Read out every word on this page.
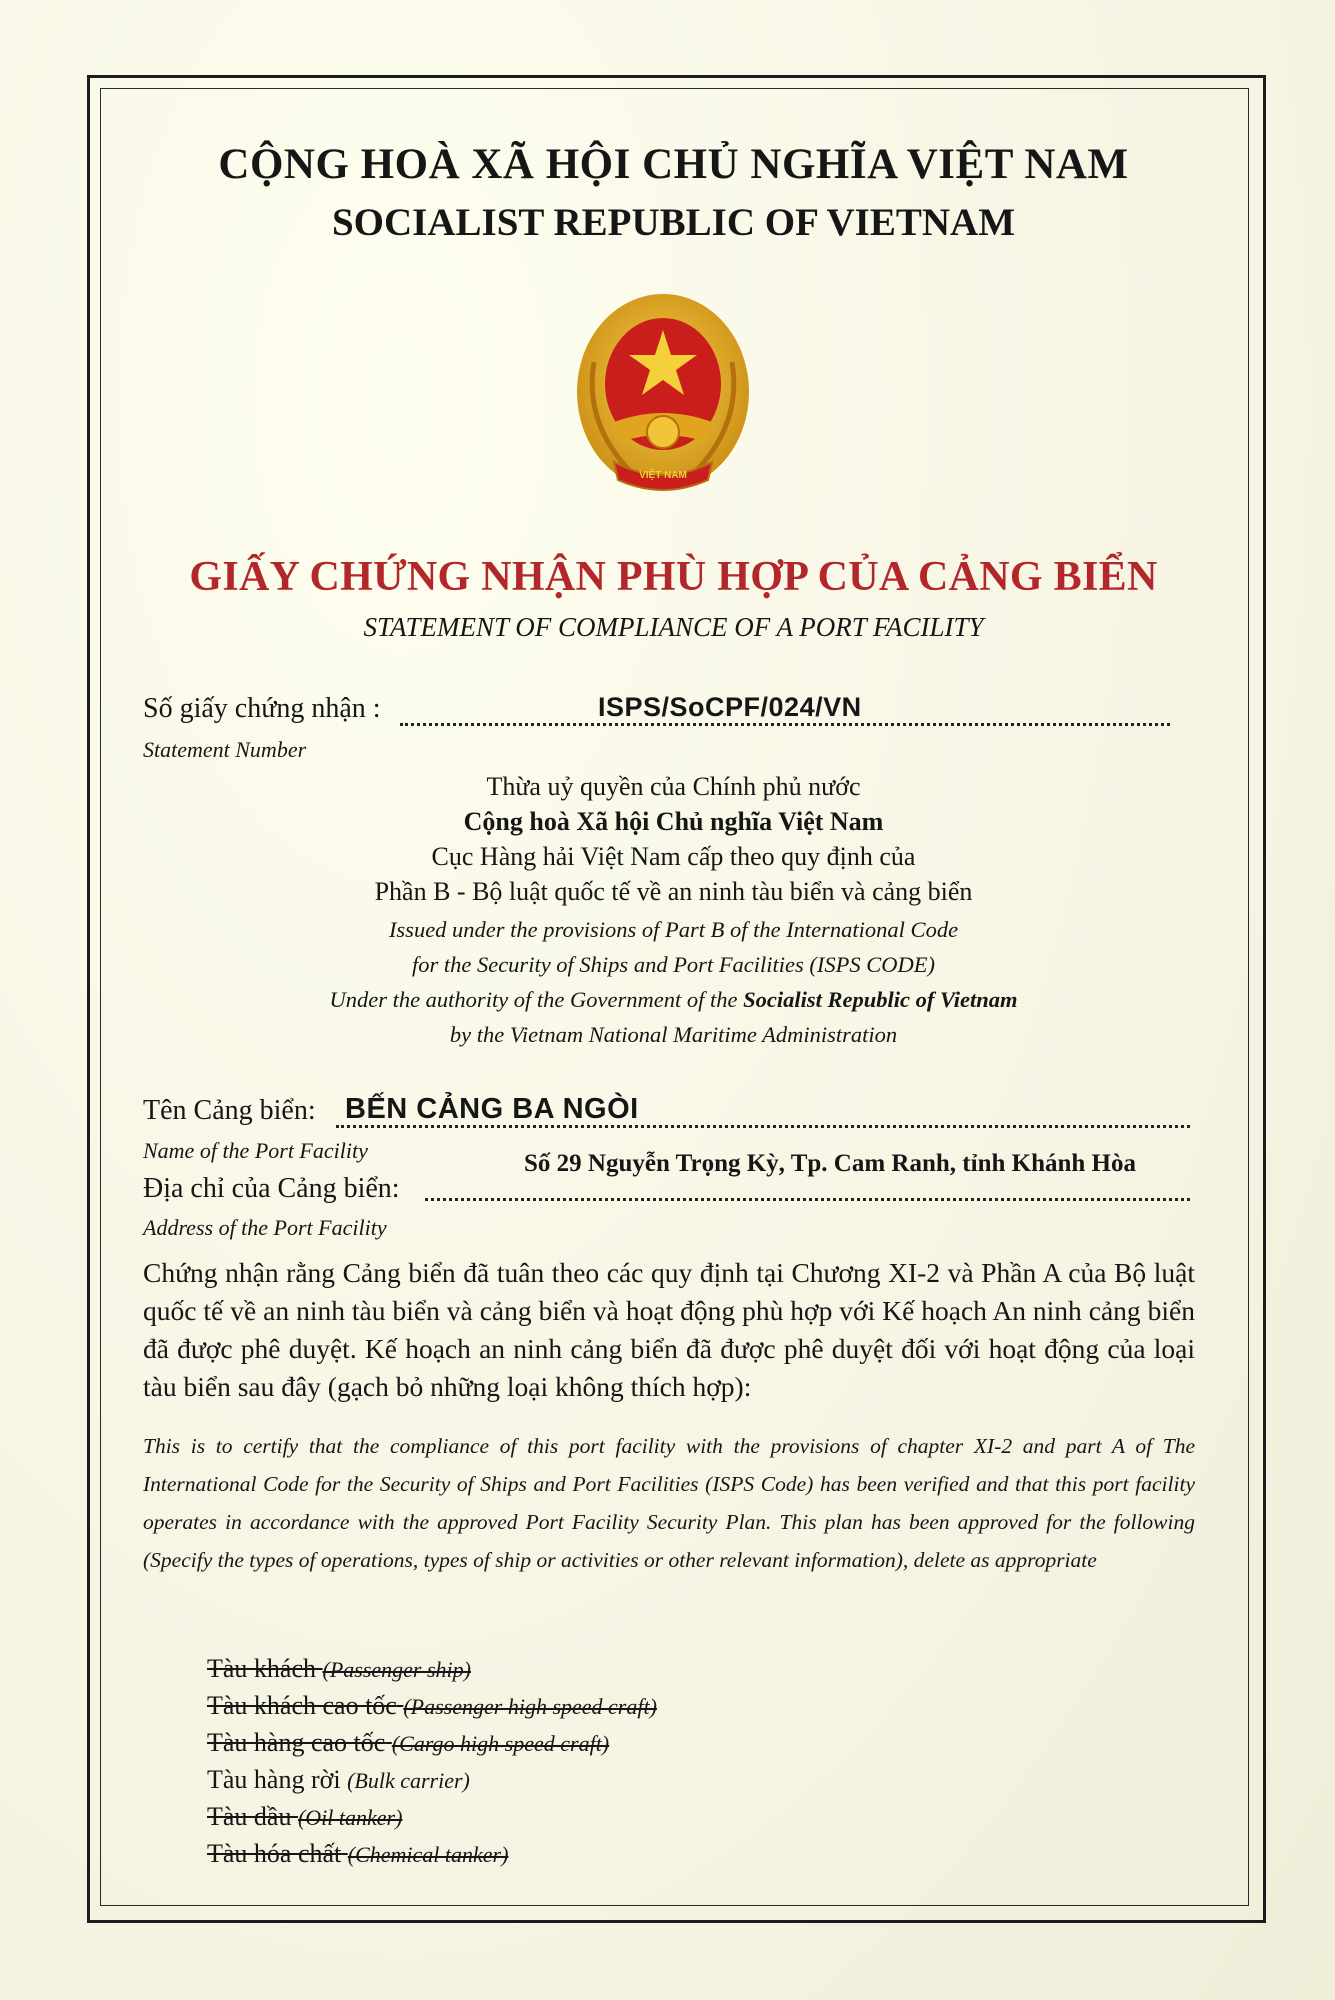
CỘNG HOÀ XÃ HỘI CHỦ NGHĨA VIỆT NAM
SOCIALIST REPUBLIC OF VIETNAM
VIỆT NAM
GIẤY CHỨNG NHẬN PHÙ HỢP CỦA CẢNG BIỂN
STATEMENT OF COMPLIANCE OF A PORT FACILITY
Số giấy chứng nhận :	ISPS/SoCPF/024/VN
Statement Number
Thừa uỷ quyền của Chính phủ nước
Cộng hoà Xã hội Chủ nghĩa Việt Nam
Cục Hàng hải Việt Nam cấp theo quy định của
Phần B - Bộ luật quốc tế về an ninh tàu biển và cảng biển
Issued under the provisions of Part B of the International Code
for the Security of Ships and Port Facilities (ISPS CODE)
Under the authority of the Government of the Socialist Republic of Vietnam
by the Vietnam National Maritime Administration
Tên Cảng biển: BẾN CẢNG BA NGÒI
Name of the Port Facility
Địa chỉ của Cảng biển:
Số 29 Nguyễn Trọng Kỳ, Tp. Cam Ranh, tỉnh Khánh Hòa
Address of the Port Facility
Chứng nhận rằng Cảng biển đã tuân theo các quy định tại Chương XI-2 và Phần A của Bộ luật quốc tế về an ninh tàu biển và cảng biển và hoạt động phù hợp với Kế hoạch An ninh cảng biển đã được phê duyệt. Kế hoạch an ninh cảng biển đã được phê duyệt đối với hoạt động của loại tàu biển sau đây (gạch bỏ những loại không thích hợp):
This is to certify that the compliance of this port facility with the provisions of chapter XI-2 and part A of The International Code for the Security of Ships and Port Facilities (ISPS Code) has been verified and that this port facility operates in accordance with the approved Port Facility Security Plan. This plan has been approved for the following (Specify the types of operations, types of ship or activities or other relevant information), delete as appropriate
Tàu khách (Passenger ship)
Tàu khách cao tốc (Passenger high speed craft)
Tàu hàng cao tốc (Cargo high speed craft)
Tàu hàng rời (Bulk carrier)
Tàu dầu (Oil tanker)
Tàu hóa chất (Chemical tanker)
